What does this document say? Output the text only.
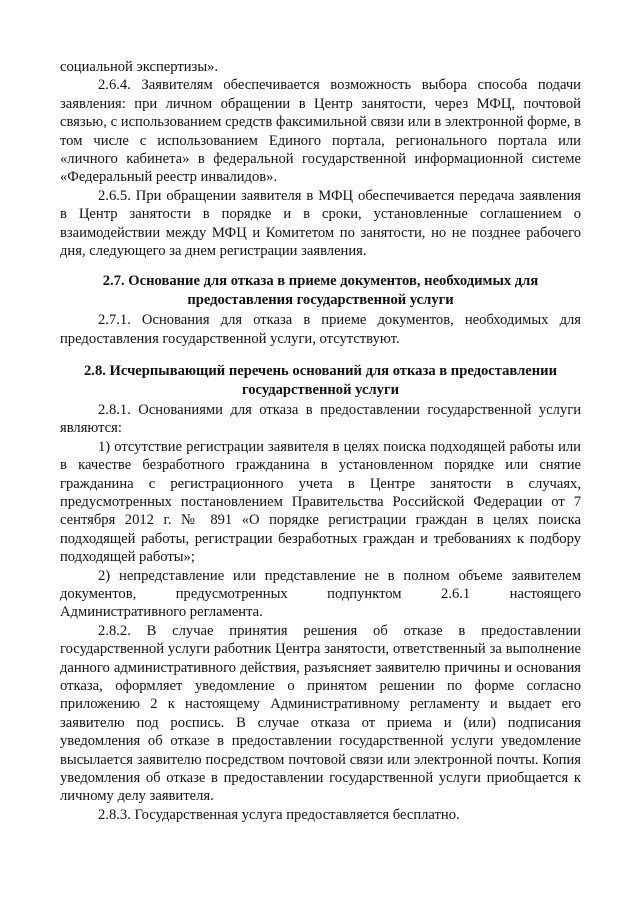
социальной экспертизы».

2.6.4. Заявителям обеспечивается возможность выбора способа подачи заявления: при личном обращении в Центр занятости, через МФЦ, почтовой связью, с использованием средств факсимильной связи или в электронной форме, в том числе с использованием Единого портала, регионального портала или «личного кабинета» в федеральной государственной информационной системе «Федеральный реестр инвалидов».

2.6.5. При обращении заявителя в МФЦ обеспечивается передача заявления в Центр занятости в порядке и в сроки, установленные соглашением о взаимодействии между МФЦ и Комитетом по занятости, но не позднее рабочего дня, следующего за днем регистрации заявления.

2.7. Основание для отказа в приеме документов, необходимых для предоставления государственной услуги

2.7.1. Основания для отказа в приеме документов, необходимых для предоставления государственной услуги, отсутствуют.

2.8. Исчерпывающий перечень оснований для отказа в предоставлении государственной услуги

2.8.1. Основаниями для отказа в предоставлении государственной услуги являются:

1) отсутствие регистрации заявителя в целях поиска подходящей работы или в качестве безработного гражданина в установленном порядке или снятие гражданина с регистрационного учета в Центре занятости в случаях, предусмотренных постановлением Правительства Российской Федерации от 7 сентября 2012 г. № 891 «О порядке регистрации граждан в целях поиска подходящей работы, регистрации безработных граждан и требованиях к подбору подходящей работы»;

2) непредставление или представление не в полном объеме заявителем документов, предусмотренных подпунктом 2.6.1 настоящего

Административного регламента.

2.8.2. В случае принятия решения об отказе в предоставлении государственной услуги работник Центра занятости, ответственный за выполнение данного административного действия, разъясняет заявителю причины и основания отказа, оформляет уведомление о принятом решении по форме согласно приложению 2 к настоящему Административному регламенту и выдает его заявителю под роспись. В случае отказа от приема и (или) подписания уведомления об отказе в предоставлении государственной услуги уведомление высылается заявителю посредством почтовой связи или электронной почты. Копия уведомления об отказе в предоставлении государственной услуги приобщается к личному делу заявителя.

2.8.3. Государственная услуга предоставляется бесплатно.
